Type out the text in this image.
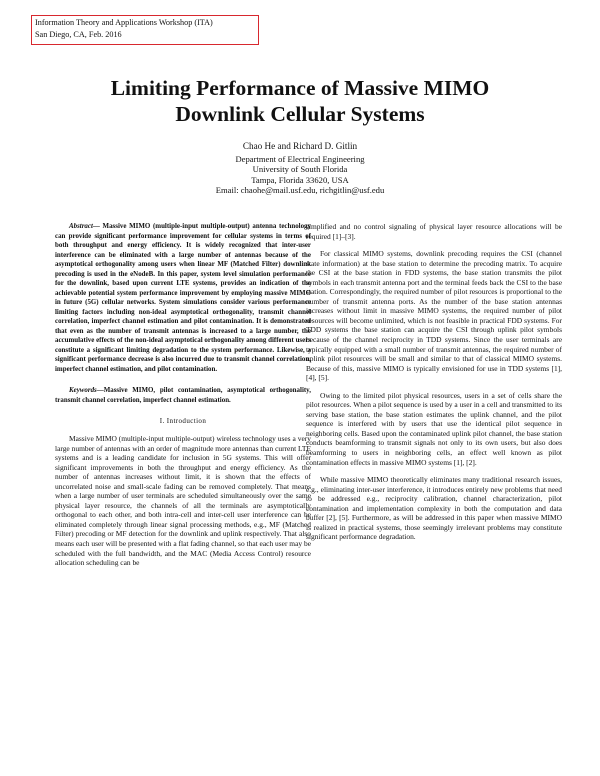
Information Theory and Applications Workshop (ITA)
San Diego, CA, Feb. 2016
Limiting Performance of Massive MIMO
Downlink Cellular Systems
Chao He and Richard D. Gitlin
Department of Electrical Engineering
University of South Florida
Tampa, Florida 33620, USA
Email: chaohe@mail.usf.edu, richgitlin@usf.edu

Abstract— Massive MIMO (multiple-input multiple-output) antenna technology can provide significant performance improvement for cellular systems in terms of both throughput and energy efficiency. It is widely recognized that inter-user interference can be eliminated with a large number of antennas because of the asymptotical orthogonality among users when linear MF (Matched Filter) downlink precoding is used in the eNodeB. In this paper, system level simulation performance for the downlink, based upon current LTE systems, provides an indication of the achievable potential system performance improvement by employing massive MIMO in future (5G) cellular networks. System simulations consider various performance limiting factors including non-ideal asymptotical orthogonality, transmit channel correlation, imperfect channel estimation and pilot contamination. It is demonstrated that even as the number of transmit antennas is increased to a large number, the accumulative effects of the non-ideal asymptotical orthogonality among different users constitute a significant limiting degradation to the system performance. Likewise, a significant performance decrease is also incurred due to transmit channel correlation, imperfect channel estimation, and pilot contamination.

Keywords—Massive MIMO, pilot contamination, asymptotical orthogonality, transmit channel correlation, imperfect channel estimation.

I. Introduction

Massive MIMO (multiple-input multiple-output) wireless technology uses a very large number of antennas with an order of magnitude more antennas than current LTE systems and is a leading candidate for inclusion in 5G systems. This will offer significant improvements in both the throughput and energy efficiency. As the number of antennas increases without limit, it is shown that the effects of uncorrelated noise and small-scale fading can be removed completely. That means when a large number of user terminals are scheduled simultaneously over the same physical layer resource, the channels of all the terminals are asymptotically orthogonal to each other, and both intra-cell and inter-cell user interference can be eliminated completely through linear signal processing methods, e.g., MF (Matched Filter) precoding or MF detection for the downlink and uplink respectively. That also means each user will be presented with a flat fading channel, so that each user may be scheduled with the full bandwidth, and the MAC (Media Access Control) resource allocation scheduling can be

simplified and no control signaling of physical layer resource allocations will be required [1]–[3].

For classical MIMO systems, downlink precoding requires the CSI (channel state information) at the base station to determine the precoding matrix. To acquire the CSI at the base station in FDD systems, the base station transmits the pilot symbols in each transmit antenna port and the terminal feeds back the CSI to the base station. Correspondingly, the required number of pilot resources is proportional to the number of transmit antenna ports. As the number of the base station antennas increases without limit in massive MIMO systems, the required number of pilot resources will become unlimited, which is not feasible in practical FDD systems. For TDD systems the base station can acquire the CSI through uplink pilot symbols because of the channel reciprocity in TDD systems. Since the user terminals are typically equipped with a small number of transmit antennas, the required number of uplink pilot resources will be small and similar to that of classical MIMO systems. Because of this, massive MIMO is typically envisioned for use in TDD systems [1], [4], [5].

Owing to the limited pilot physical resources, users in a set of cells share the pilot resources. When a pilot sequence is used by a user in a cell and transmitted to its serving base station, the base station estimates the uplink channel, and the pilot sequence is interfered with by users that use the identical pilot sequence in neighboring cells. Based upon the contaminated uplink pilot channel, the base station conducts beamforming to transmit signals not only to its own users, but also does beamforming to users in neighboring cells, an effect well known as pilot contamination effects in massive MIMO systems [1], [2].

While massive MIMO theoretically eliminates many traditional research issues, e.g., eliminating inter-user interference, it introduces entirely new problems that need to be addressed e.g., reciprocity calibration, channel characterization, pilot contamination and implementation complexity in both the computation and data buffer [2], [5]. Furthermore, as will be addressed in this paper when massive MIMO is realized in practical systems, those seemingly irrelevant problems may constitute significant performance degradation.
